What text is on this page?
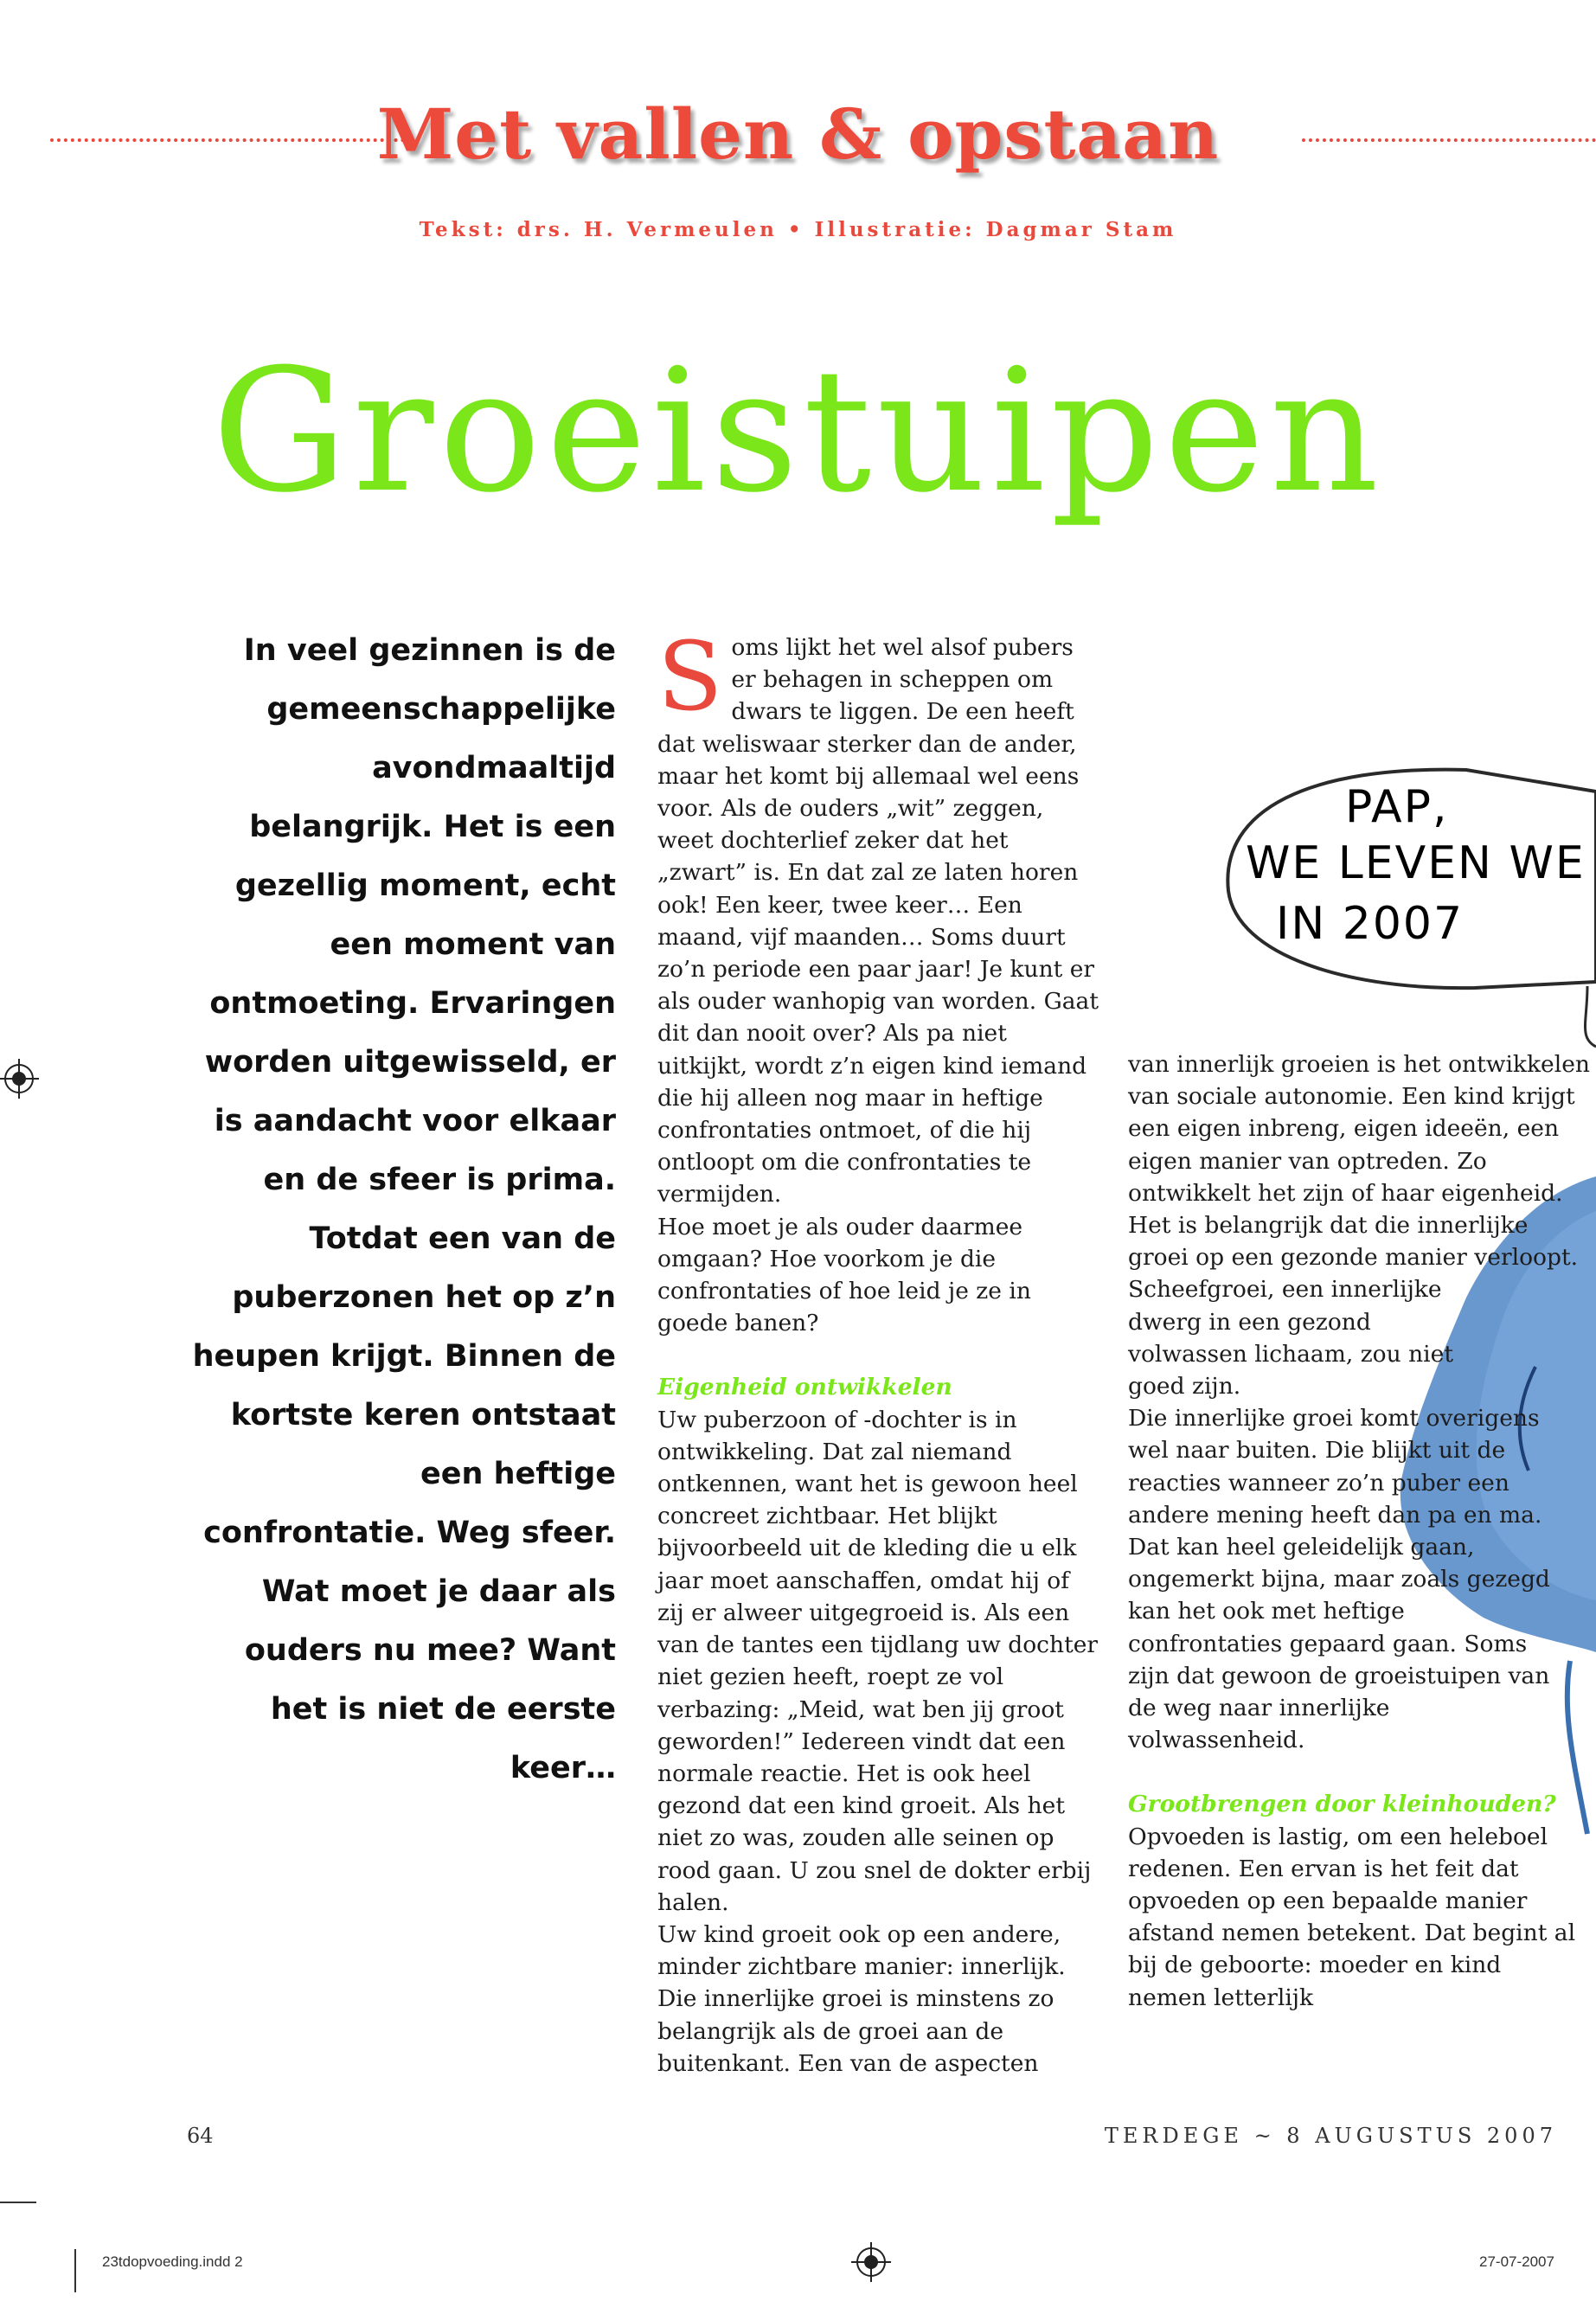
Met vallen & opstaan
Tekst: drs. H. Vermeulen • Illustratie: Dagmar Stam
Groeistuipen
In veel gezinnen is de gemeenschappelijke avondmaaltijd belangrijk. Het is een gezellig moment, echt een moment van ontmoeting. Ervaringen worden uitgewisseld, er is aandacht voor elkaar en de sfeer is prima. Totdat een van de puberzonen het op z’n heupen krijgt. Binnen de kortste keren ontstaat een heftige confrontatie. Weg sfeer. Wat moet je daar als ouders nu mee? Want het is niet de eerste keer…

Soms lijkt het wel alsof pubers er behagen in scheppen om dwars te liggen. De een heeft dat weliswaar sterker dan de ander, maar het komt bij allemaal wel eens voor. Als de ouders „wit” zeggen, weet dochterlief zeker dat het „zwart” is. En dat zal ze laten horen ook! Een keer, twee keer… Een maand, vijf maanden… Soms duurt zo’n periode een paar jaar! Je kunt er als ouder wanhopig van worden. Gaat dit dan nooit over? Als pa niet uitkijkt, wordt z’n eigen kind iemand die hij alleen nog maar in heftige confrontaties ontmoet, of die hij ontloopt om die confrontaties te vermijden.

Hoe moet je als ouder daarmee omgaan? Hoe voorkom je die confrontaties of hoe leid je ze in goede banen?

Eigenheid ontwikkelen

Uw puberzoon of -dochter is in ontwikkeling. Dat zal niemand ontkennen, want het is gewoon heel concreet zichtbaar. Het blijkt bijvoorbeeld uit de kleding die u elk jaar moet aanschaffen, omdat hij of zij er alweer uitgegroeid is. Als een van de tantes een tijdlang uw dochter niet gezien heeft, roept ze vol verbazing: „Meid, wat ben jij groot geworden!” Iedereen vindt dat een normale reactie. Het is ook heel gezond dat een kind groeit. Als het niet zo was, zouden alle seinen op rood gaan. U zou snel de dokter erbij halen.

Uw kind groeit ook op een andere, minder zichtbare manier: innerlijk. Die innerlijke groei is minstens zo belangrijk als de groei aan de buitenkant. Een van de aspecten

PAP,
WE LEVEN WE
IN 2007

van innerlijk groeien is het ontwikkelen van sociale autonomie. Een kind krijgt een eigen inbreng, eigen ideeën, een eigen manier van optreden. Zo ontwikkelt het zijn of haar eigenheid. Het is belangrijk dat die innerlijke groei op een gezonde manier verloopt.

Scheefgroei, een innerlijke dwerg in een gezond volwassen lichaam, zou niet goed zijn.

Die innerlijke groei komt overigens wel naar buiten. Die blijkt uit de reacties wanneer zo’n puber een andere mening heeft dan pa en ma. Dat kan heel geleidelijk gaan, ongemerkt bijna, maar zoals gezegd kan het ook met heftige confrontaties gepaard gaan. Soms zijn dat gewoon de groeistuipen van de weg naar innerlijke volwassenheid.

Grootbrengen door kleinhouden?

Opvoeden is lastig, om een heleboel redenen. Een ervan is het feit dat opvoeden op een bepaalde manier afstand nemen betekent. Dat begint al bij de geboorte: moeder en kind nemen letterlijk

64	TERDEGE ~ 8 AUGUSTUS 2007
23tdopvoeding.indd 2	27-07-2007
